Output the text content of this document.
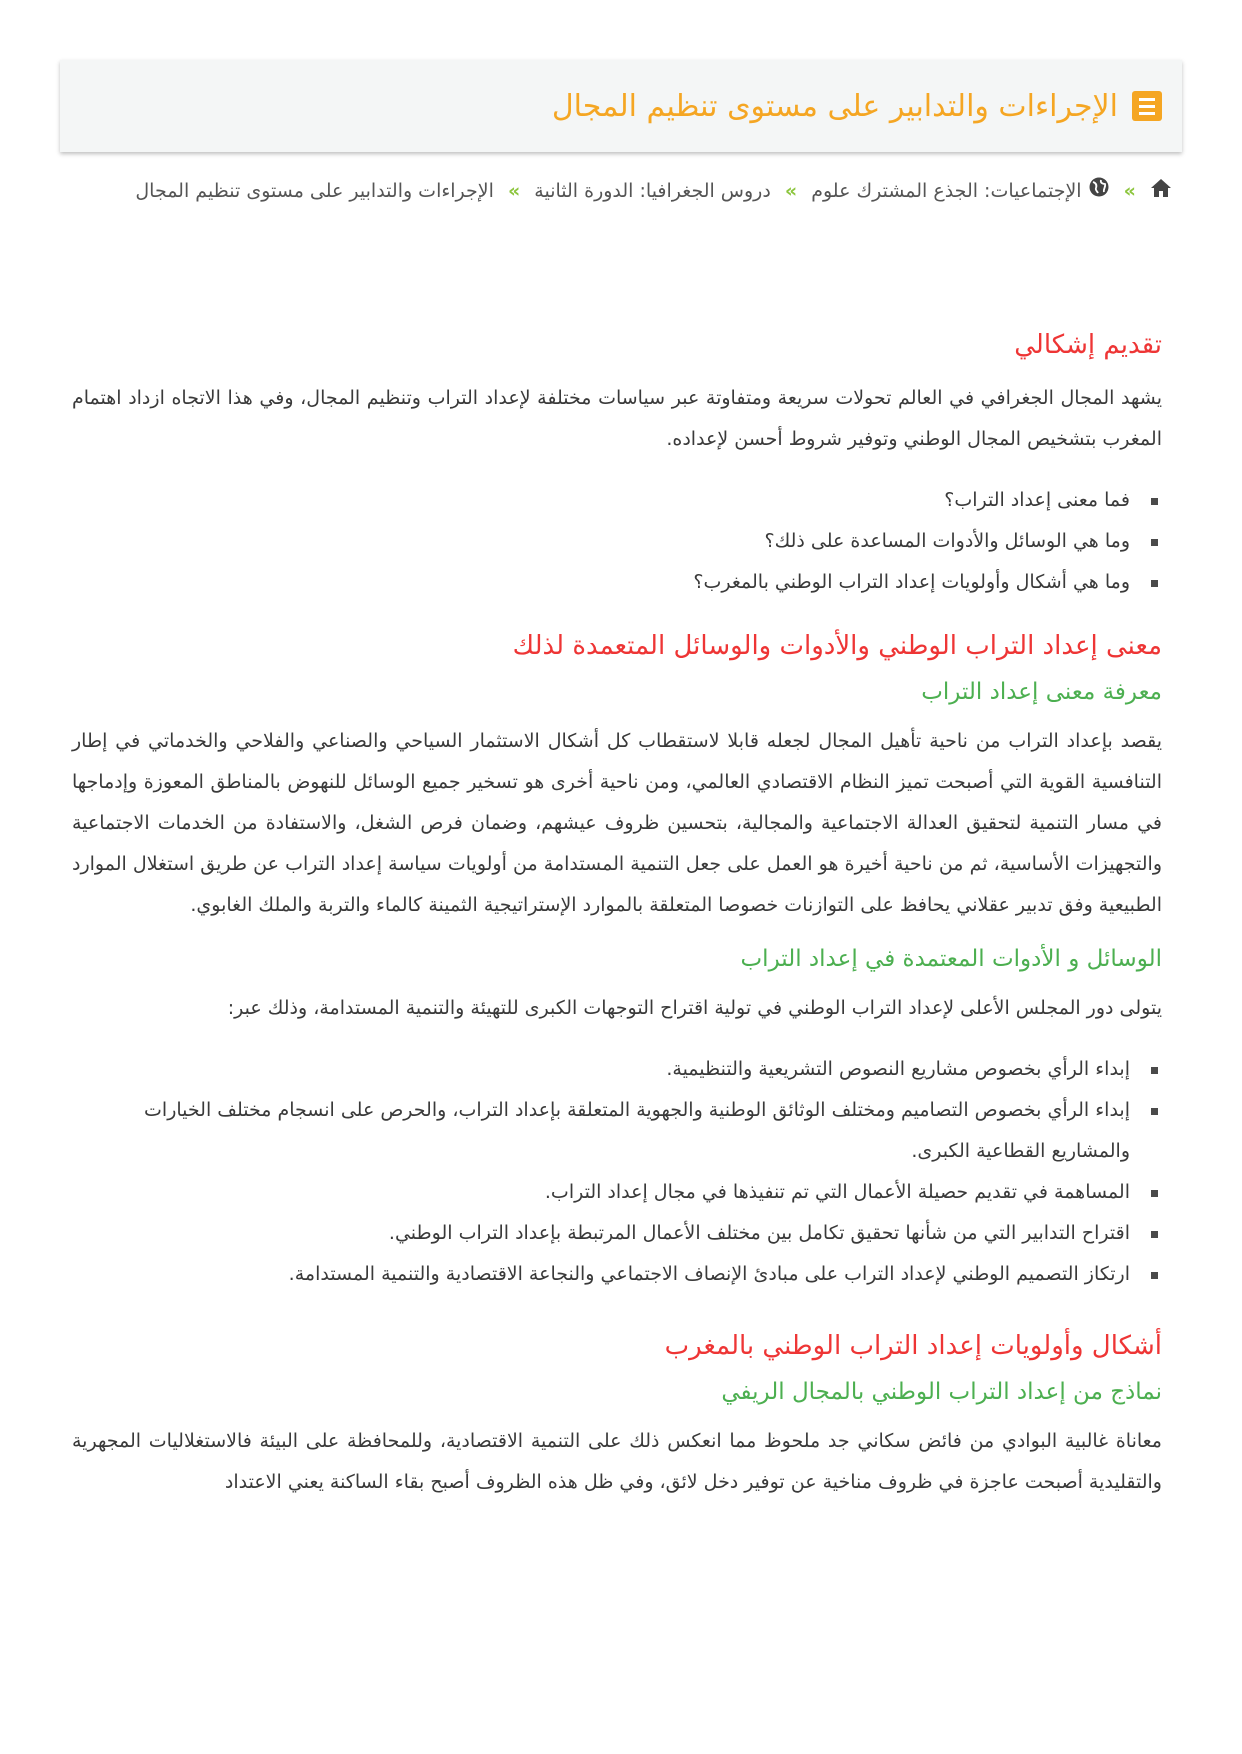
الإجراءات والتدابير على مستوى تنظيم المجال
»  الإجتماعيات: الجذع المشترك علوم » دروس الجغرافيا: الدورة الثانية » الإجراءات والتدابير على مستوى تنظيم المجال
تقديم إشكالي

يشهد المجال الجغرافي في العالم تحولات سريعة ومتفاوتة عبر سياسات مختلفة لإعداد التراب وتنظيم المجال، وفي هذا الاتجاه ازداد اهتمام المغرب بتشخيص المجال الوطني وتوفير شروط أحسن لإعداده.

فما معنى إعداد التراب؟
وما هي الوسائل والأدوات المساعدة على ذلك؟
وما هي أشكال وأولويات إعداد التراب الوطني بالمغرب؟
معنى إعداد التراب الوطني والأدوات والوسائل المتعمدة لذلك
معرفة معنى إعداد التراب

يقصد بإعداد التراب من ناحية تأهيل المجال لجعله قابلا لاستقطاب كل أشكال الاستثمار السياحي والصناعي والفلاحي والخدماتي في إطار التنافسية القوية التي أصبحت تميز النظام الاقتصادي العالمي، ومن ناحية أخرى هو تسخير جميع الوسائل للنهوض بالمناطق المعوزة وإدماجها في مسار التنمية لتحقيق العدالة الاجتماعية والمجالية، بتحسين ظروف عيشهم، وضمان فرص الشغل، والاستفادة من الخدمات الاجتماعية والتجهيزات الأساسية، ثم من ناحية أخيرة هو العمل على جعل التنمية المستدامة من أولويات سياسة إعداد التراب عن طريق استغلال الموارد الطبيعية وفق تدبير عقلاني يحافظ على التوازنات خصوصا المتعلقة بالموارد الإستراتيجية الثمينة كالماء والتربة والملك الغابوي.

الوسائل و الأدوات المعتمدة في إعداد التراب

يتولى دور المجلس الأعلى لإعداد التراب الوطني في تولية اقتراح التوجهات الكبرى للتهيئة والتنمية المستدامة، وذلك عبر:

إبداء الرأي بخصوص مشاريع النصوص التشريعية والتنظيمية.
إبداء الرأي بخصوص التصاميم ومختلف الوثائق الوطنية والجهوية المتعلقة بإعداد التراب، والحرص على انسجام مختلف الخيارات والمشاريع القطاعية الكبرى.
المساهمة في تقديم حصيلة الأعمال التي تم تنفيذها في مجال إعداد التراب.
اقتراح التدابير التي من شأنها تحقيق تكامل بين مختلف الأعمال المرتبطة بإعداد التراب الوطني.
ارتكاز التصميم الوطني لإعداد التراب على مبادئ الإنصاف الاجتماعي والنجاعة الاقتصادية والتنمية المستدامة.
أشكال وأولويات إعداد التراب الوطني بالمغرب
نماذج من إعداد التراب الوطني بالمجال الريفي

معاناة غالبية البوادي من فائض سكاني جد ملحوظ مما انعكس ذلك على التنمية الاقتصادية، وللمحافظة على البيئة فالاستغلاليات المجهرية والتقليدية أصبحت عاجزة في ظروف مناخية عن توفير دخل لائق، وفي ظل هذه الظروف أصبح بقاء الساكنة يعني الاعتداد
